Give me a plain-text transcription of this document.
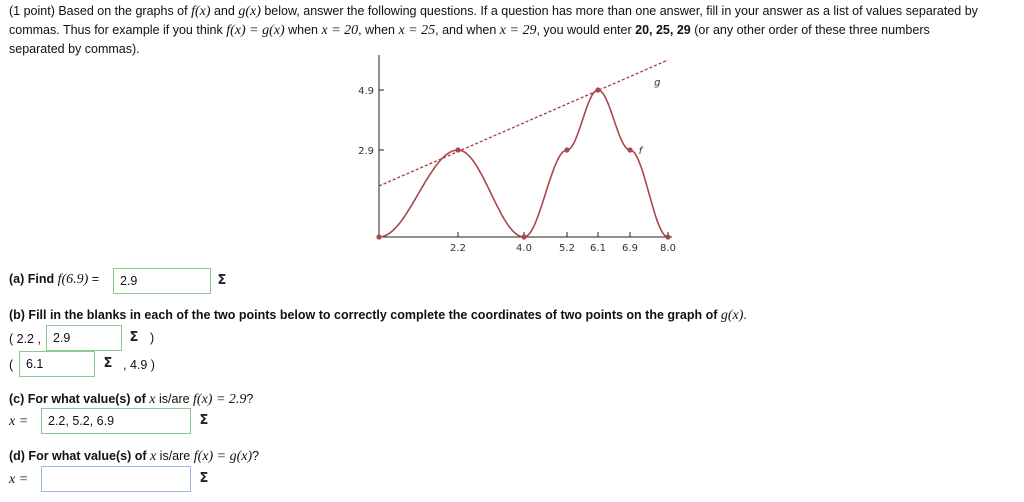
(1 point) Based on the graphs of f(x) and g(x) below, answer the following questions. If a question has more than one answer, fill in your answer as a list of values separated by
commas. Thus for example if you think f(x) = g(x) when x = 20, when x = 25, and when x = 29, you would enter 20, 25, 29 (or any other order of these three numbers
separated by commas).
2.2	4.0	5.2 6.1 6.9 8.0
2.9
4.9
g
f
(a) Find f(6.9) =	2.9	Σ
(b) Fill in the blanks in each of the two points below to correctly complete the coordinates of two points on the graph of g(x).
( 2.2 , 2.9	Σ )
(	6.1	Σ , 4.9 )
(c) For what value(s) of x is/are f(x) = 2.9?
x =	2.2, 5.2, 6.9	Σ
(d) For what value(s) of x is/are f(x) = g(x)?
x =	Σ
